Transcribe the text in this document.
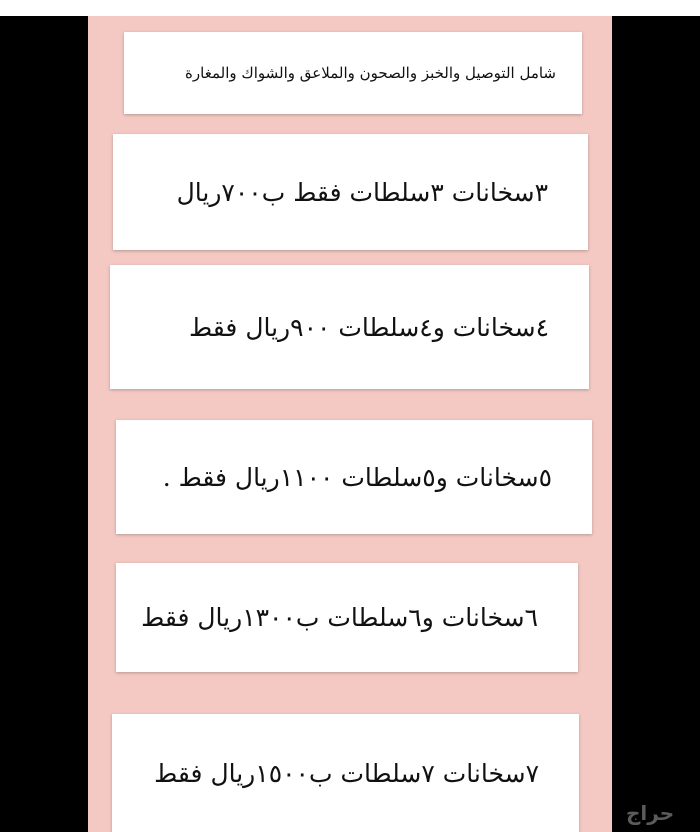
شامل التوصيل والخبز والصحون والملاعق والشواك والمغارة
٣سخانات ٣سلطات فقط ب٧٠٠ريال
٤سخانات و٤سلطات ٩٠٠ريال فقط
٥سخانات و٥سلطات ١١٠٠ريال فقط .
٦سخانات و٦سلطات ب١٣٠٠ريال فقط
٧سخانات ٧سلطات ب١٥٠٠ريال فقط
حراج
